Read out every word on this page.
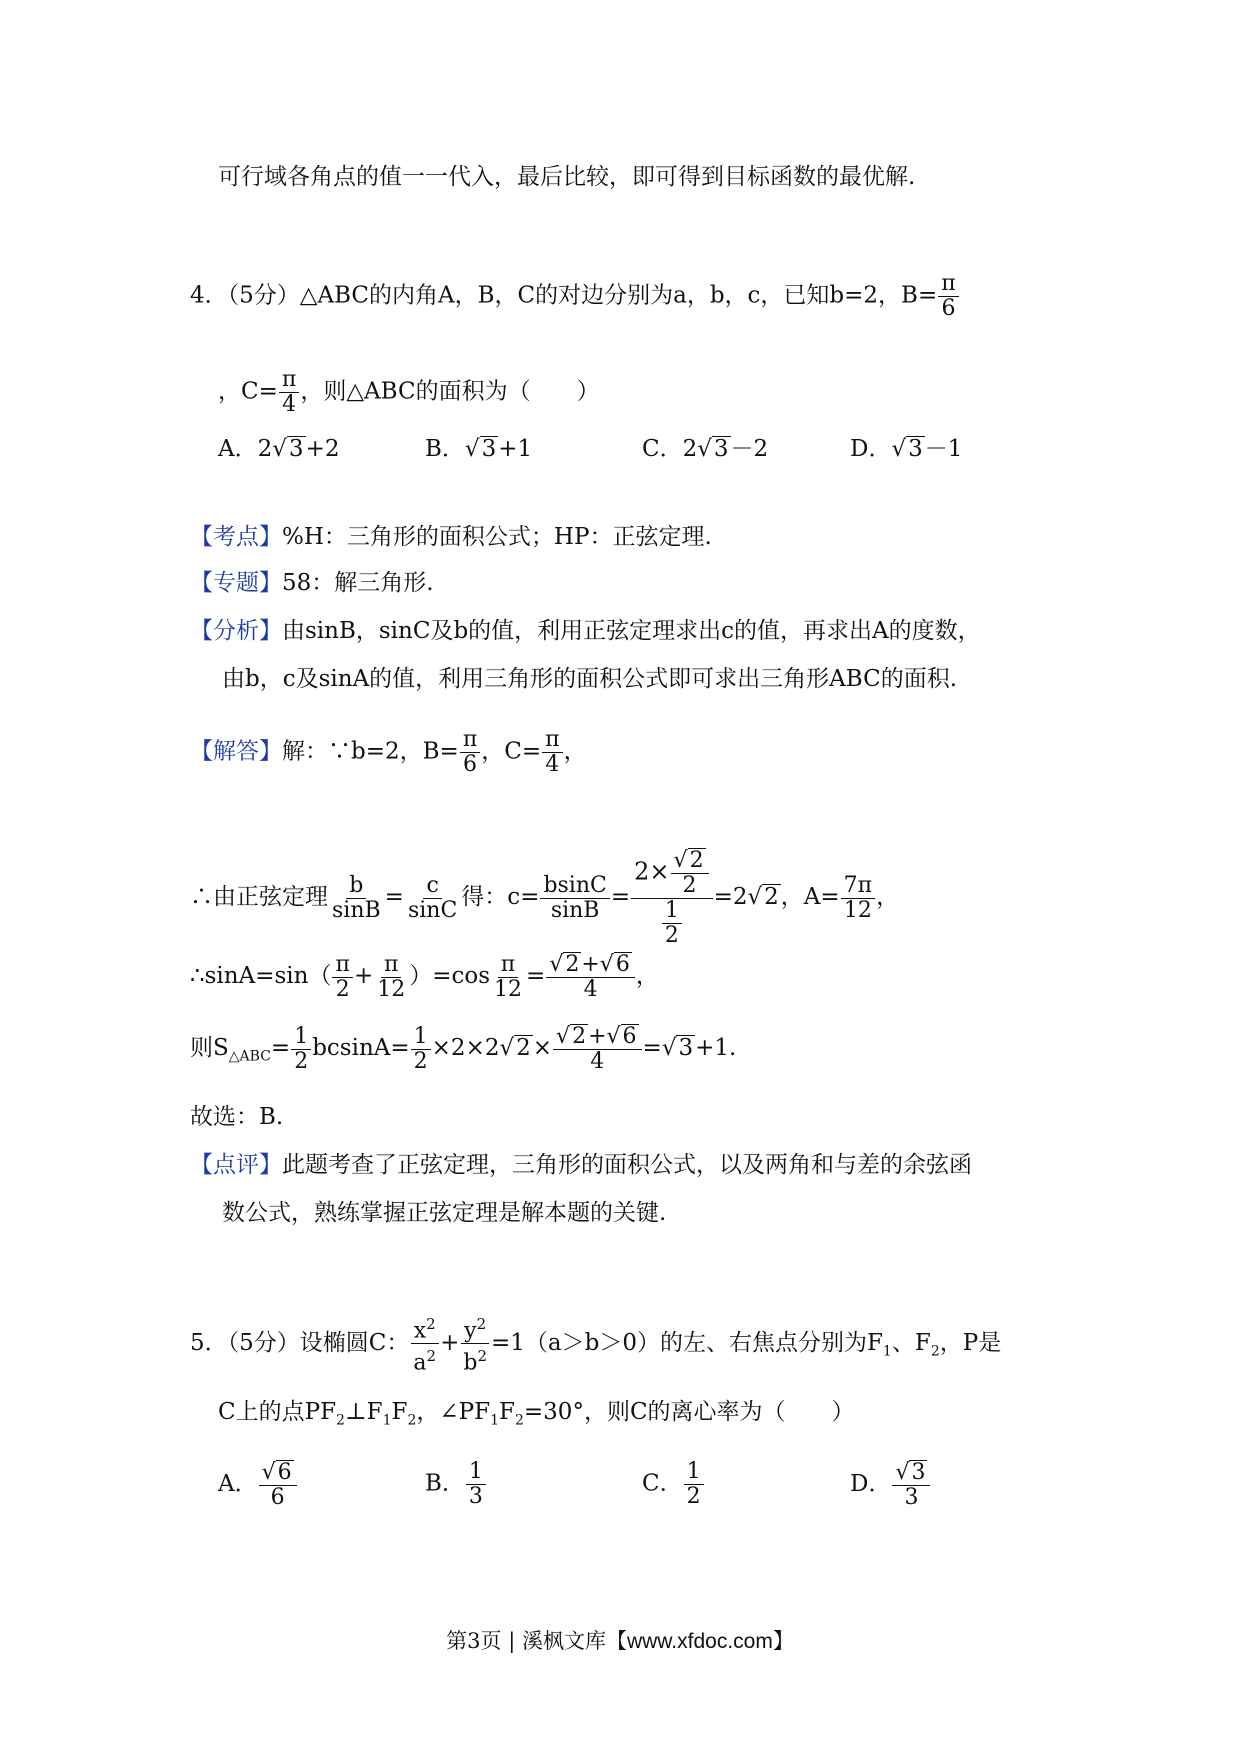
可行域各角点的值一一代入，最后比较，即可得到目标函数的最优解.
4．（5分）△ABC的内角A，B，C的对边分别为a，b，c，已知b=2，$B= \frac{\pi}{6}$
，$C= \frac{\pi}{4}$ ，则△ABC的面积为（　　）
A．2√3+2	B．√3+1	C．2√3－2	D．√3－1
【考点】%H：三角形的面积公式；HP：正弦定理.
【专题】58：解三角形.
【分析】由sinB，sinC及b的值，利用正弦定理求出c的值，再求出A的度数，
由b，c及sinA的值，利用三角形的面积公式即可求出三角形ABC的面积.
【解答】解：∵b=2，$B= \frac{\pi}{6}$ ，$C= \frac{\pi}{4}$ ，
∴由正弦定理 $\frac{b}{\sin B} = \frac{c}{\sin C}$ 得：$c= \frac{bsinC}{\sin B} = \frac{2\times \frac{√2}{2}}{\frac{1}{2}} =2√2$，$A= \frac{7\pi}{12}$ ，
∴sinA=sin（ $\frac{\pi}{2} + \frac{\pi}{12} )=\cos \frac{\pi}{12} = \frac{√2+√6}{4}$ ，
则$S_{\triangle ABC}= \frac{1}{2} bcsinA= \frac{1}{2} \times 2\times 2√2\times \frac{√2+√6}{4} =√3+1$.
故选：B.
【点评】此题考查了正弦定理，三角形的面积公式，以及两角和与差的余弦函
数公式，熟练掌握正弦定理是解本题的关键.
5．（5分）设椭圆C： $\frac{x^2}{a^2} + \frac{y^2}{b^2} =1(a>b>0)$的左、右焦点分别为$F_1$、$F_2$，P是
C上的点$PF_2\perp F_1F_2$，$\angle PF_1F_2=30^\circ$，则C的离心率为（　　）
A． $\frac{√6}{6}$	B． $\frac{1}{3}$	C． $\frac{1}{2}$	D． $\frac{√3}{3}$
第3页 | 溪枫文库【www.xfdoc.com】
